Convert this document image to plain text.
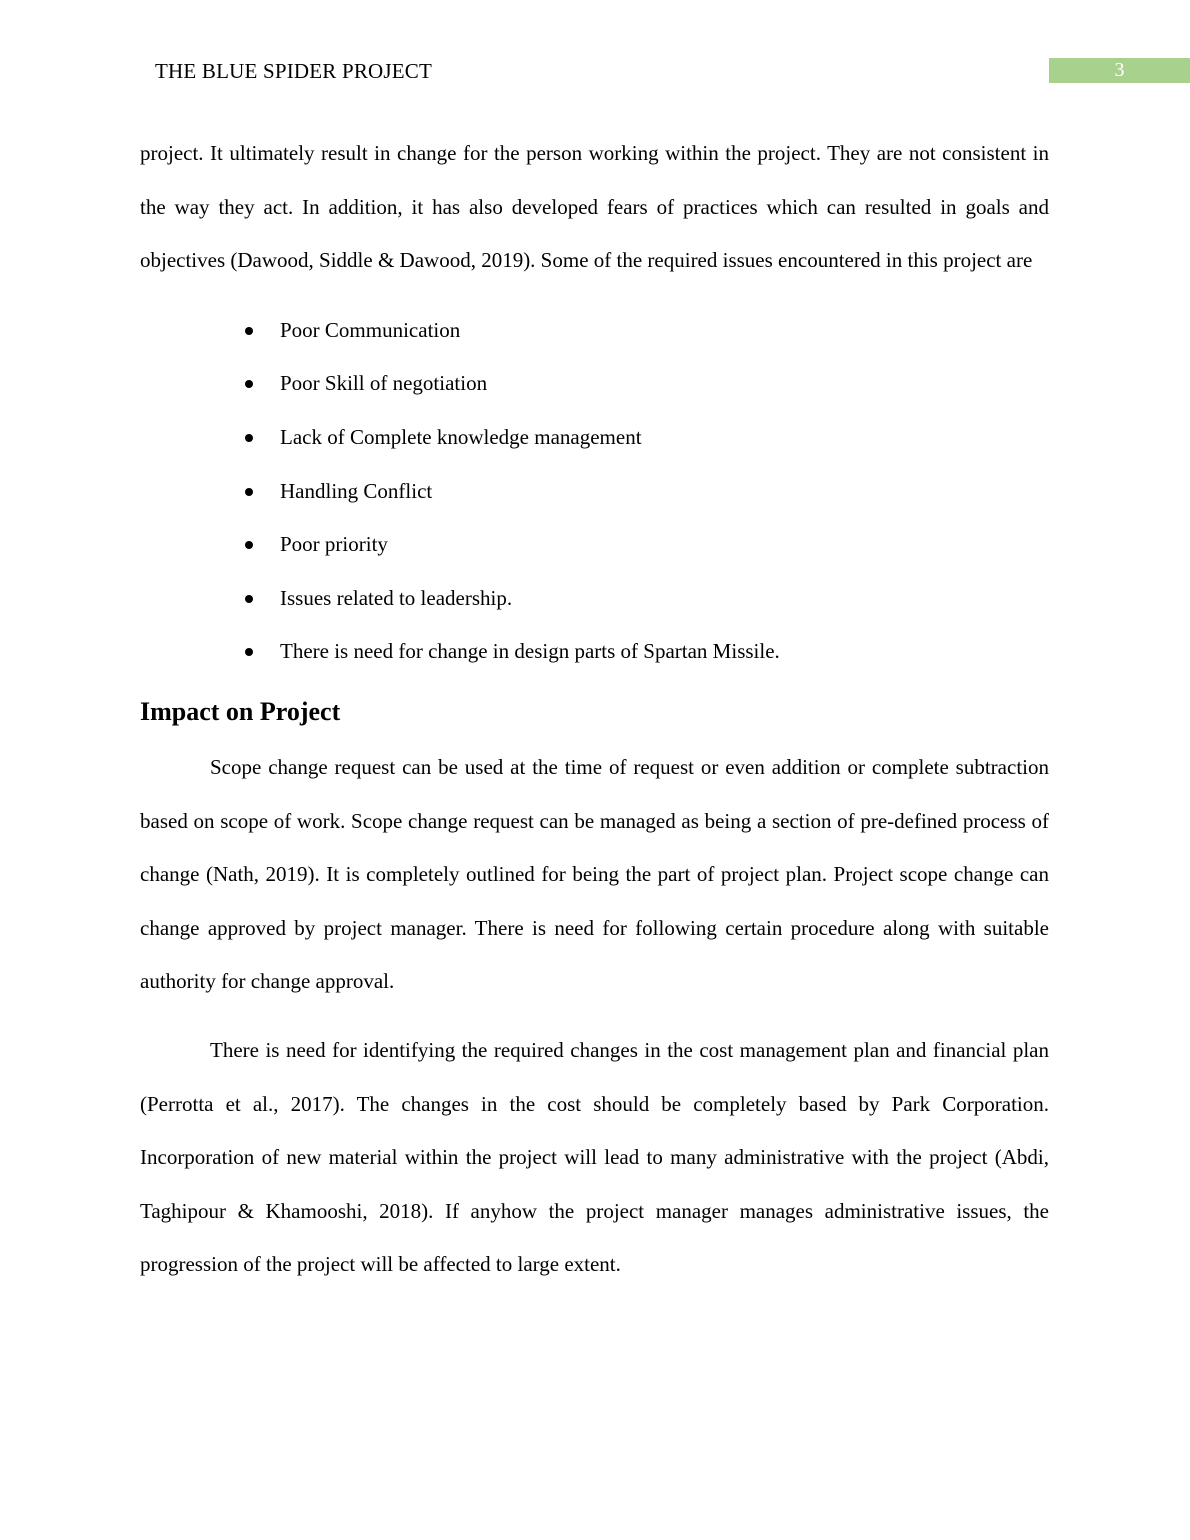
THE BLUE SPIDER PROJECT	3

project. It ultimately result in change for the person working within the project. They are not consistent in the way they act. In addition, it has also developed fears of practices which can resulted in goals and objectives (Dawood, Siddle & Dawood, 2019). Some of the required issues encountered in this project are

Poor Communication
Poor Skill of negotiation
Lack of Complete knowledge management
Handling Conflict
Poor priority
Issues related to leadership.
There is need for change in design parts of Spartan Missile.
Impact on Project

Scope change request can be used at the time of request or even addition or complete subtraction based on scope of work. Scope change request can be managed as being a section of pre-defined process of change (Nath, 2019). It is completely outlined for being the part of project plan. Project scope change can change approved by project manager. There is need for following certain procedure along with suitable authority for change approval.

There is need for identifying the required changes in the cost management plan and financial plan (Perrotta et al., 2017). The changes in the cost should be completely based by Park Corporation. Incorporation of new material within the project will lead to many administrative with the project (Abdi, Taghipour & Khamooshi, 2018). If anyhow the project manager manages administrative issues, the progression of the project will be affected to large extent.
